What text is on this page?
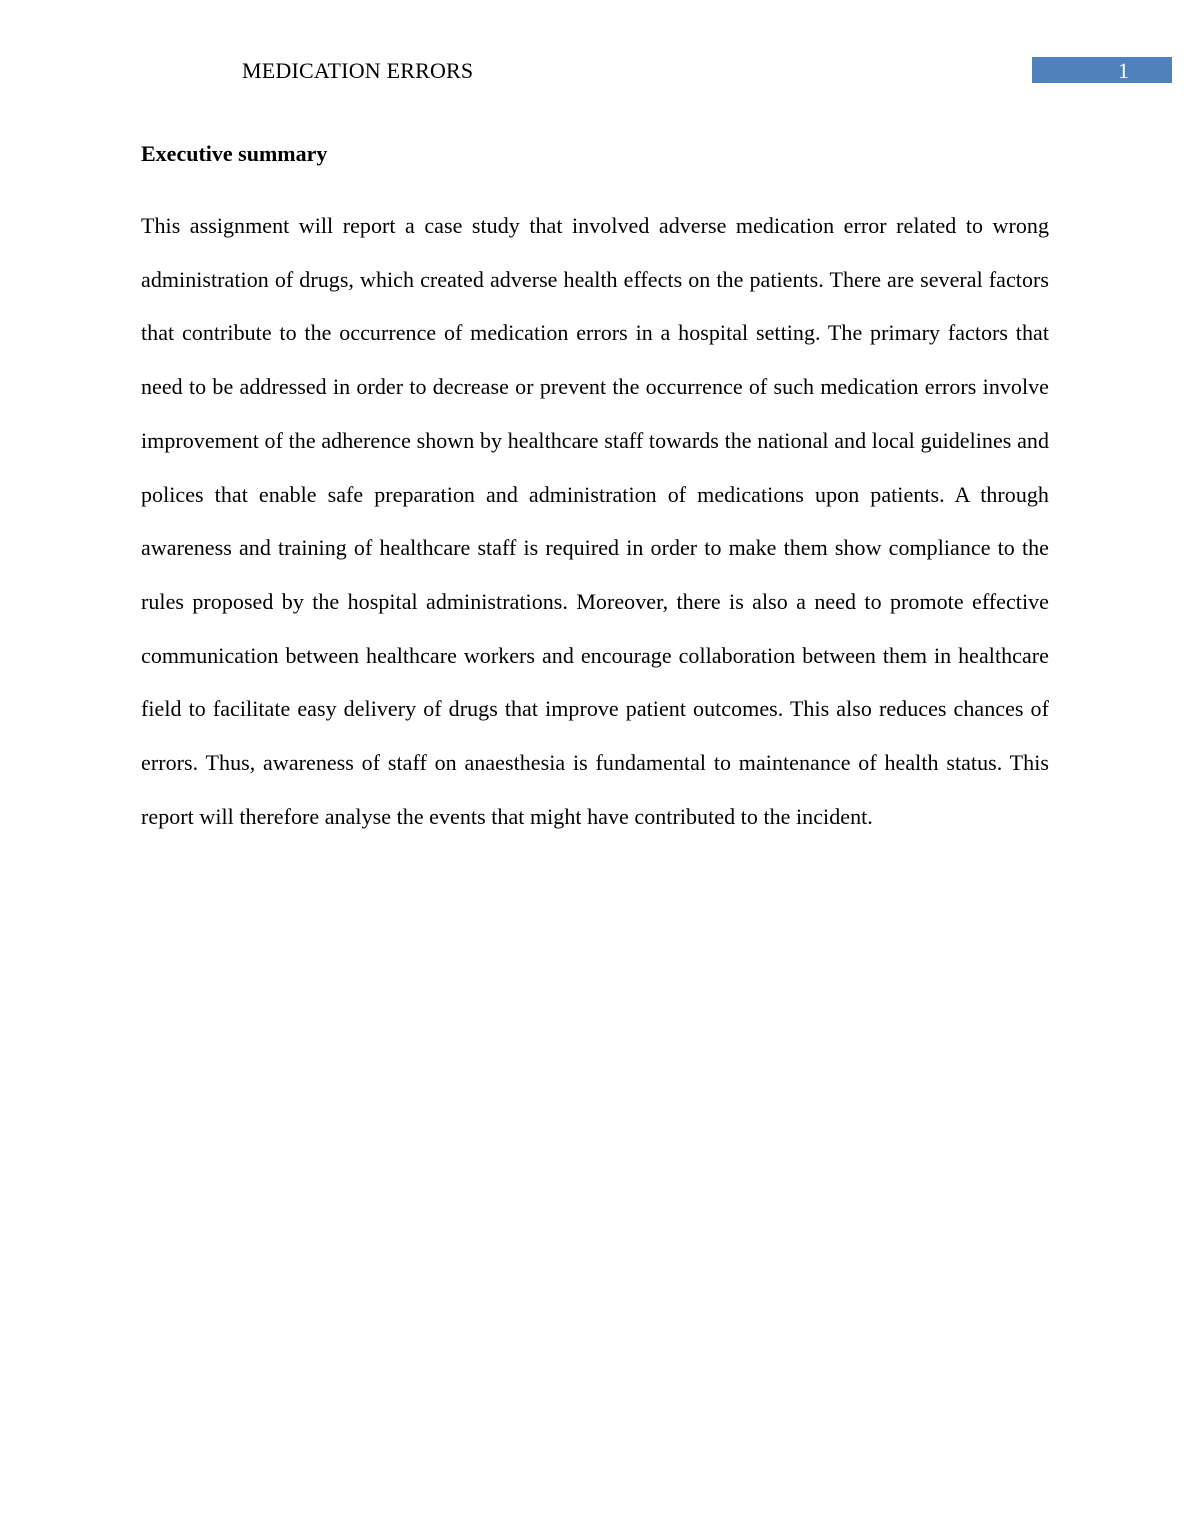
MEDICATION ERRORS	1
Executive summary

This assignment will report a case study that involved adverse medication error related to wrong administration of drugs, which created adverse health effects on the patients. There are several factors that contribute to the occurrence of medication errors in a hospital setting. The primary factors that need to be addressed in order to decrease or prevent the occurrence of such medication errors involve improvement of the adherence shown by healthcare staff towards the national and local guidelines and polices that enable safe preparation and administration of medications upon patients. A through awareness and training of healthcare staff is required in order to make them show compliance to the rules proposed by the hospital administrations. Moreover, there is also a need to promote effective communication between healthcare workers and encourage collaboration between them in healthcare field to facilitate easy delivery of drugs that improve patient outcomes. This also reduces chances of errors. Thus, awareness of staff on anaesthesia is fundamental to maintenance of health status. This report will therefore analyse the events that might have contributed to the incident.
